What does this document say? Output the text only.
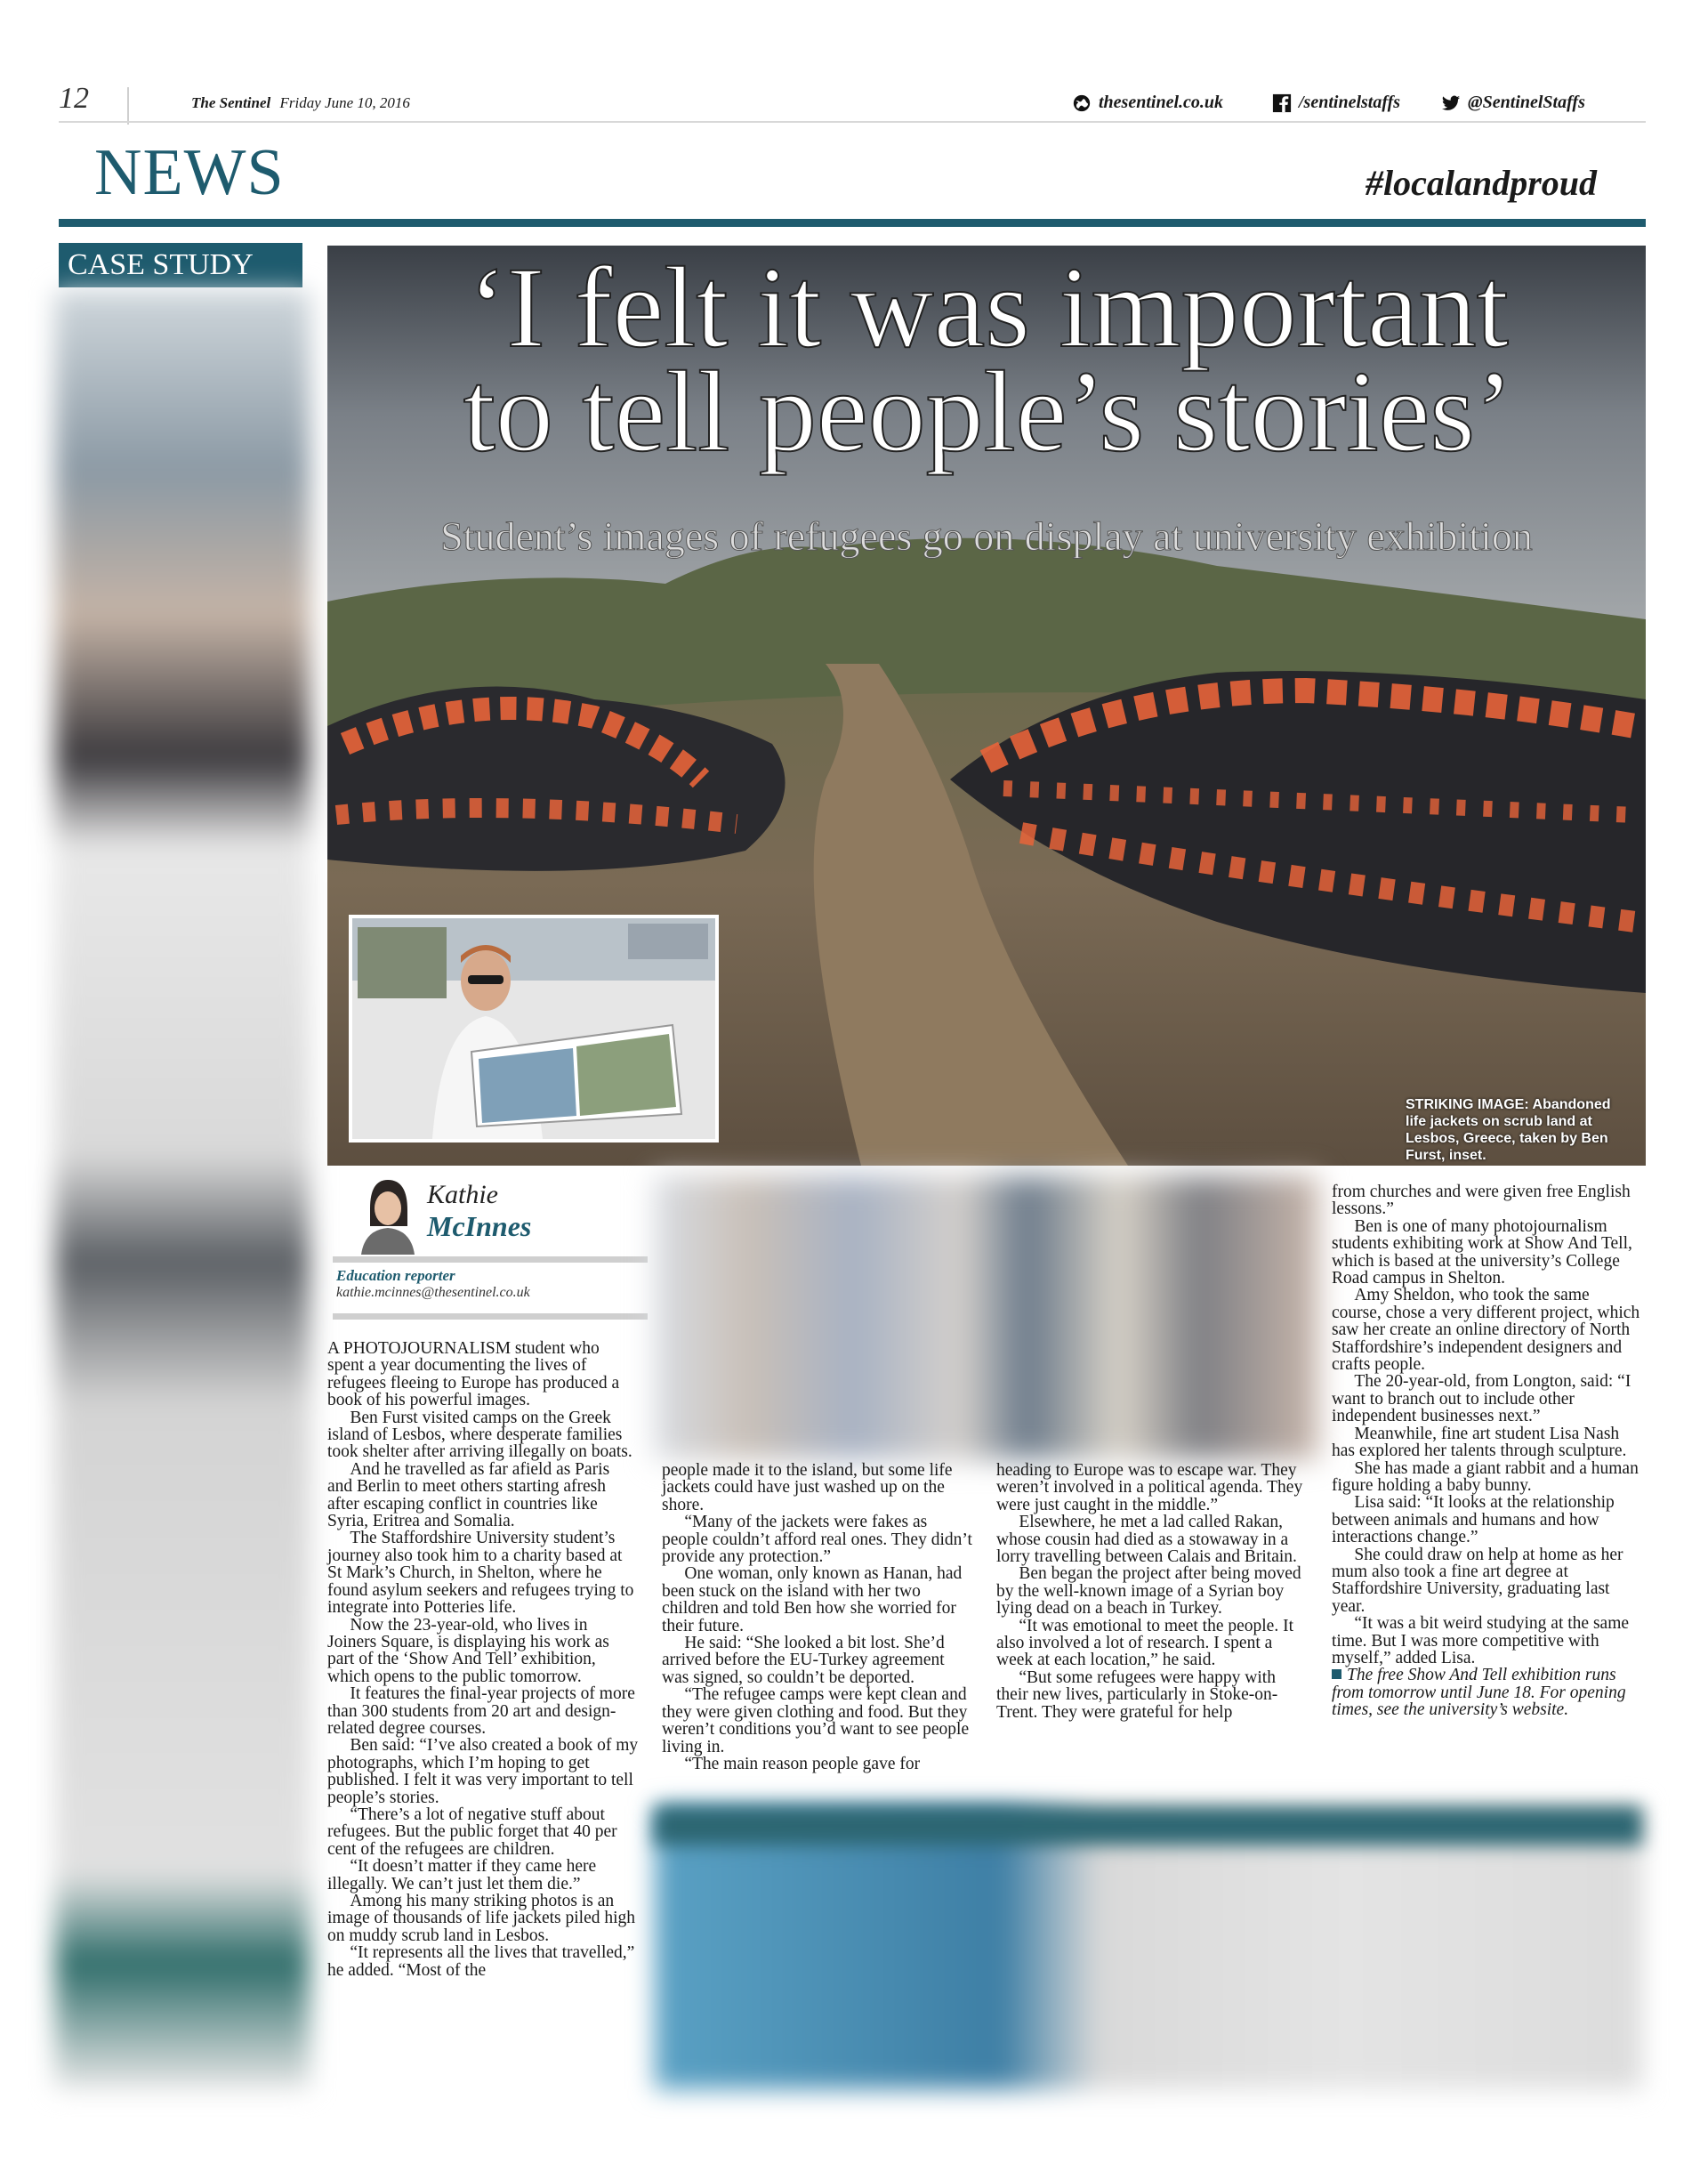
12	The Sentinel Friday June 10, 2016	thesentinel.co.uk	/sentinelstaffs	@SentinelStaffs
NEWS	#localandproud
CASE STUDY	‘I felt it was important
to tell people’s stories’
Student’s images of refugees go on display at university exhibition
STRIKING IMAGE: Abandoned life jackets on scrub land at Lesbos, Greece, taken by Ben Furst, inset.
Kathie
McInnes
Education reporter
kathie.mcinnes@thesentinel.co.uk

A PHOTOJOURNALISM student who spent a year documenting the lives of refugees fleeing to Europe has produced a book of his powerful images.

Ben Furst visited camps on the Greek island of Lesbos, where desperate families took shelter after arriving illegally on boats.

And he travelled as far afield as Paris and Berlin to meet others starting afresh after escaping conflict in countries like Syria, Eritrea and Somalia.

The Staffordshire University student’s journey also took him to a charity based at St Mark’s Church, in Shelton, where he found asylum seekers and refugees trying to integrate into Potteries life.

Now the 23-year-old, who lives in Joiners Square, is displaying his work as part of the ‘Show And Tell’ exhibition, which opens to the public tomorrow.

It features the final-year projects of more than 300 students from 20 art and design-related degree courses.

Ben said: “I’ve also created a book of my photographs, which I’m hoping to get published. I felt it was very important to tell people’s stories.

“There’s a lot of negative stuff about refugees. But the public forget that 40 per cent of the refugees are children.

“It doesn’t matter if they came here illegally. We can’t just let them die.”

Among his many striking photos is an image of thousands of life jackets piled high on muddy scrub land in Lesbos.

“It represents all the lives that travelled,” he added. “Most of the

people made it to the island, but some life jackets could have just washed up on the shore.

“Many of the jackets were fakes as people couldn’t afford real ones. They didn’t provide any protection.”

One woman, only known as Hanan, had been stuck on the island with her two children and told Ben how she worried for their future.

He said: “She looked a bit lost. She’d arrived before the EU-Turkey agreement was signed, so couldn’t be deported.

“The refugee camps were kept clean and they were given clothing and food. But they weren’t conditions you’d want to see people living in.

“The main reason people gave for

heading to Europe was to escape war. They weren’t involved in a political agenda. They were just caught in the middle.”

Elsewhere, he met a lad called Rakan, whose cousin had died as a stowaway in a lorry travelling between Calais and Britain.

Ben began the project after being moved by the well-known image of a Syrian boy lying dead on a beach in Turkey.

“It was emotional to meet the people. It also involved a lot of research. I spent a week at each location,” he said.

“But some refugees were happy with their new lives, particularly in Stoke-on-Trent. They were grateful for help

from churches and were given free English lessons.”

Ben is one of many photojournalism students exhibiting work at Show And Tell, which is based at the university’s College Road campus in Shelton.

Amy Sheldon, who took the same course, chose a very different project, which saw her create an online directory of North Staffordshire’s independent designers and crafts people.

The 20-year-old, from Longton, said: “I want to branch out to include other independent businesses next.”

Meanwhile, fine art student Lisa Nash has explored her talents through sculpture.

She has made a giant rabbit and a human figure holding a baby bunny.

Lisa said: “It looks at the relationship between animals and humans and how interactions change.”

She could draw on help at home as her mum also took a fine art degree at Staffordshire University, graduating last year.

“It was a bit weird studying at the same time. But I was more competitive with myself,” added Lisa.

The free Show And Tell exhibition runs from tomorrow until June 18. For opening times, see the university’s website.
